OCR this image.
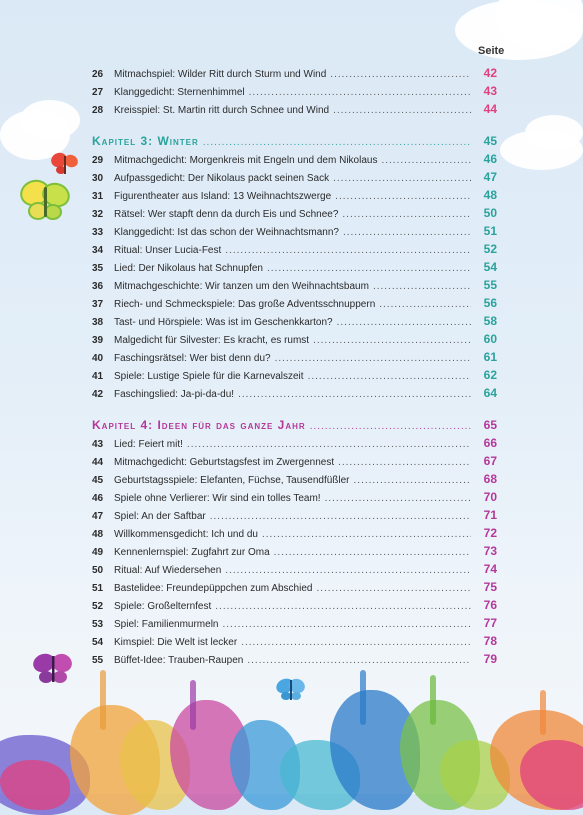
Seite
26	Mitmachspiel: Wilder Ritt durch Sturm und Wind .....	42
27	Klanggedicht: Sternenhimmel .....	43
28	Kreisspiel: St. Martin ritt durch Schnee und Wind .....	44
Kapitel 3: Winter .....	45
29	Mitmachgedicht: Morgenkreis mit Engeln und dem Nikolaus .....	46
30	Aufpassgedicht: Der Nikolaus packt seinen Sack .....	47
31	Figurentheater aus Island: 13 Weihnachtszwerge .....	48
32	Rätsel: Wer stapft denn da durch Eis und Schnee? .....	50
33	Klanggedicht: Ist das schon der Weihnachtsmann? .....	51
34	Ritual: Unser Lucia-Fest .....	52
35	Lied: Der Nikolaus hat Schnupfen .....	54
36	Mitmachgeschichte: Wir tanzen um den Weihnachtsbaum .....	55
37	Riech- und Schmeckspiele: Das große Adventsschnuppern .....	56
38	Tast- und Hörspiele: Was ist im Geschenkkarton? .....	58
39	Malgedicht für Silvester: Es kracht, es rumst .....	60
40	Faschingsrätsel: Wer bist denn du? .....	61
41	Spiele: Lustige Spiele für die Karnevalszeit .....	62
42	Faschingslied: Ja-pi-da-du! .....	64
Kapitel 4: Ideen für das ganze Jahr .....	65
43	Lied: Feiert mit! .....	66
44	Mitmachgedicht: Geburtstagsfest im Zwergennest .....	67
45	Geburtstagsspiele: Elefanten, Füchse, Tausendfüßler .....	68
46	Spiele ohne Verlierer: Wir sind ein tolles Team! .....	70
47	Spiel: An der Saftbar .....	71
48	Willkommensgedicht: Ich und du .....	72
49	Kennenlernspiel: Zugfahrt zur Oma .....	73
50	Ritual: Auf Wiedersehen .....	74
51	Bastelidee: Freundepüppchen zum Abschied .....	75
52	Spiele: Großelternfest .....	76
53	Spiel: Familienmurmeln .....	77
54	Kimspiel: Die Welt ist lecker .....	78
55	Büffet-Idee: Trauben-Raupen .....	79
